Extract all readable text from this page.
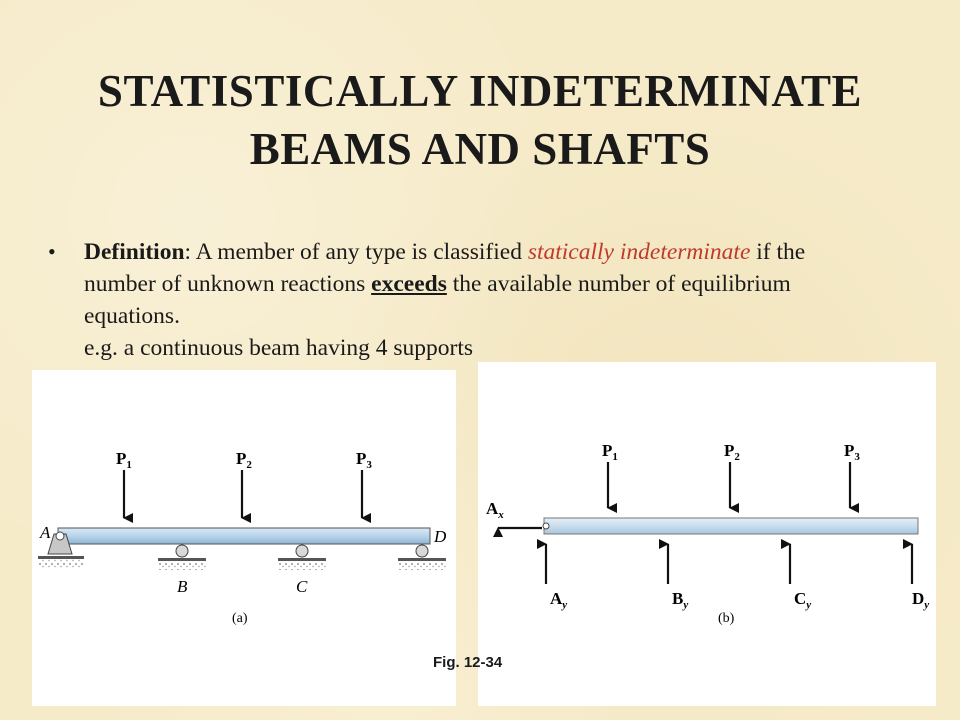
STATISTICALLY INDETERMINATE
BEAMS AND SHAFTS
• Definition: A member of any type is classified statically indeterminate if the
number of unknown reactions exceeds the available number of equilibrium
equations.
e.g. a continuous beam having 4 supports
$P_1$	$P_2$	$P_3$
A
B	C
D
(a)
$P_1$	$P_2$	$P_3$
$A_x$
$A_y$	$B_y$	$C_y$	$D_y$
(b)
Fig. 12-34
